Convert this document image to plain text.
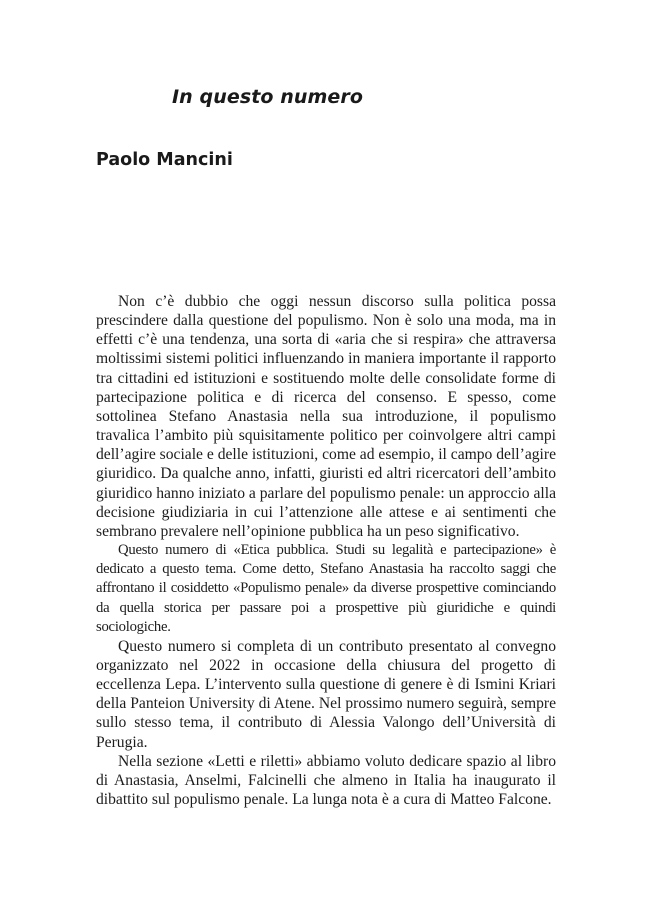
In questo numero
Paolo Mancini

Non c’è dubbio che oggi nessun discorso sulla politica possa prescindere dalla questione del populismo. Non è solo una moda, ma in effetti c’è una tendenza, una sorta di «aria che si respira» che attraversa moltissimi sistemi politici influenzando in maniera importante il rapporto tra cittadini ed istituzioni e sostituendo molte delle consolidate forme di partecipazione politica e di ricerca del consenso. E spesso, come sottolinea Stefano Anastasia nella sua introduzione, il populismo travalica l’ambito più squisitamente politico per coinvolgere altri campi dell’agire sociale e delle istituzioni, come ad esempio, il campo dell’agire giuridico. Da qualche anno, infatti, giuristi ed altri ricercatori dell’ambito giuridico hanno iniziato a parlare del populismo penale: un approccio alla decisione giudiziaria in cui l’attenzione alle attese e ai sentimenti che sembrano prevalere nell’opinione pubblica ha un peso significativo.

Questo numero di «Etica pubblica. Studi su legalità e partecipazione» è dedicato a questo tema. Come detto, Stefano Anastasia ha raccolto saggi che affrontano il cosiddetto «Populismo penale» da diverse prospettive cominciando da quella storica per passare poi a prospettive più giuridiche e quindi sociologiche.

Questo numero si completa di un contributo presentato al convegno organizzato nel 2022 in occasione della chiusura del progetto di eccellenza Lepa. L’intervento sulla questione di genere è di Ismini Kriari della Panteion University di Atene. Nel prossimo numero seguirà, sempre sullo stesso tema, il contributo di Alessia Valongo dell’Università di Perugia.

Nella sezione «Letti e riletti» abbiamo voluto dedicare spazio al libro di Anastasia, Anselmi, Falcinelli che almeno in Italia ha inaugurato il dibattito sul populismo penale. La lunga nota è a cura di Matteo Falcone.
